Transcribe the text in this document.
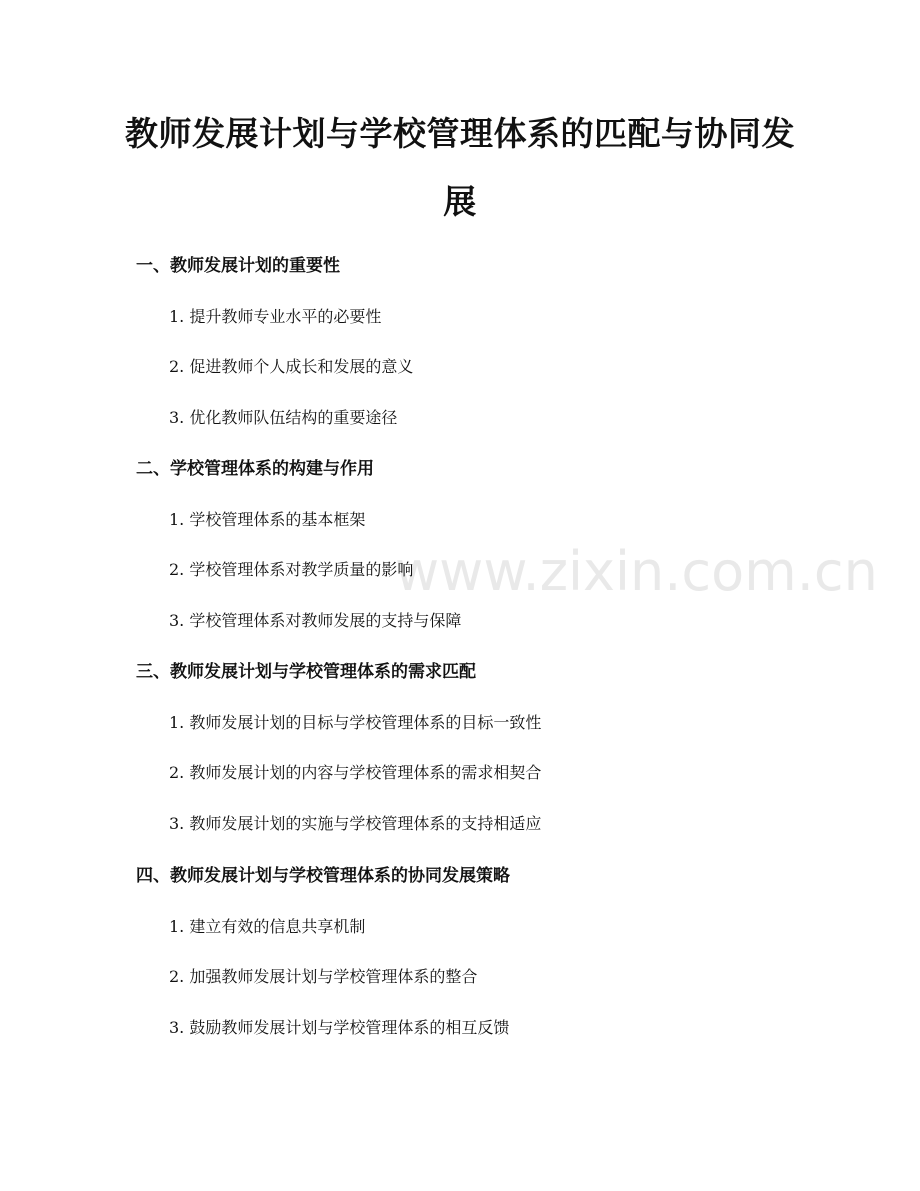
www.zixin.com.cn
教师发展计划与学校管理体系的匹配与协同发展
一、教师发展计划的重要性

1. 提升教师专业水平的必要性

2. 促进教师个人成长和发展的意义

3. 优化教师队伍结构的重要途径

二、学校管理体系的构建与作用

1. 学校管理体系的基本框架

2. 学校管理体系对教学质量的影响

3. 学校管理体系对教师发展的支持与保障

三、教师发展计划与学校管理体系的需求匹配

1. 教师发展计划的目标与学校管理体系的目标一致性

2. 教师发展计划的内容与学校管理体系的需求相契合

3. 教师发展计划的实施与学校管理体系的支持相适应

四、教师发展计划与学校管理体系的协同发展策略

1. 建立有效的信息共享机制

2. 加强教师发展计划与学校管理体系的整合

3. 鼓励教师发展计划与学校管理体系的相互反馈
